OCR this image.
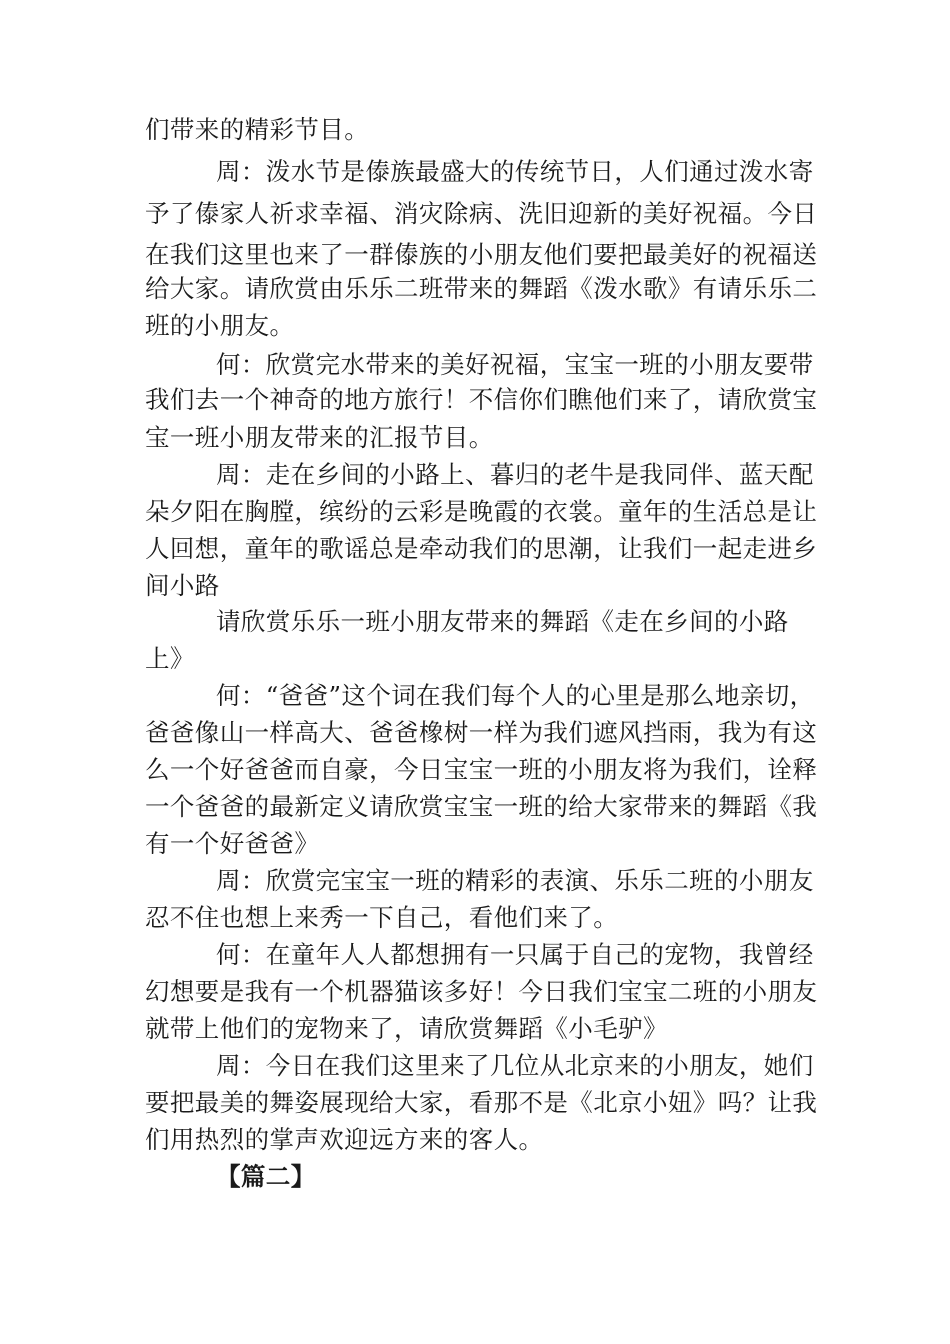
们带来的精彩节目。
周：泼水节是傣族最盛大的传统节日，人们通过泼水寄
予了傣家人祈求幸福、消灾除病、洗旧迎新的美好祝福。今日
在我们这里也来了一群傣族的小朋友他们要把最美好的祝福送
给大家。请欣赏由乐乐二班带来的舞蹈《泼水歌》有请乐乐二
班的小朋友。
何：欣赏完水带来的美好祝福，宝宝一班的小朋友要带
我们去一个神奇的地方旅行！不信你们瞧他们来了，请欣赏宝
宝一班小朋友带来的汇报节目。
周：走在乡间的小路上、暮归的老牛是我同伴、蓝天配
朵夕阳在胸膛，缤纷的云彩是晚霞的衣裳。童年的生活总是让
人回想，童年的歌谣总是牵动我们的思潮，让我们一起走进乡
间小路
请欣赏乐乐一班小朋友带来的舞蹈《走在乡间的小路
上》
何：“爸爸”这个词在我们每个人的心里是那么地亲切，
爸爸像山一样高大、爸爸橡树一样为我们遮风挡雨，我为有这
么一个好爸爸而自豪，今日宝宝一班的小朋友将为我们，诠释
一个爸爸的最新定义请欣赏宝宝一班的给大家带来的舞蹈《我
有一个好爸爸》
周：欣赏完宝宝一班的精彩的表演、乐乐二班的小朋友
忍不住也想上来秀一下自己，看他们来了。
何：在童年人人都想拥有一只属于自己的宠物，我曾经
幻想要是我有一个机器猫该多好！今日我们宝宝二班的小朋友
就带上他们的宠物来了，请欣赏舞蹈《小毛驴》
周：今日在我们这里来了几位从北京来的小朋友，她们
要把最美的舞姿展现给大家，看那不是《北京小妞》吗？让我
们用热烈的掌声欢迎远方来的客人。
【篇二】
